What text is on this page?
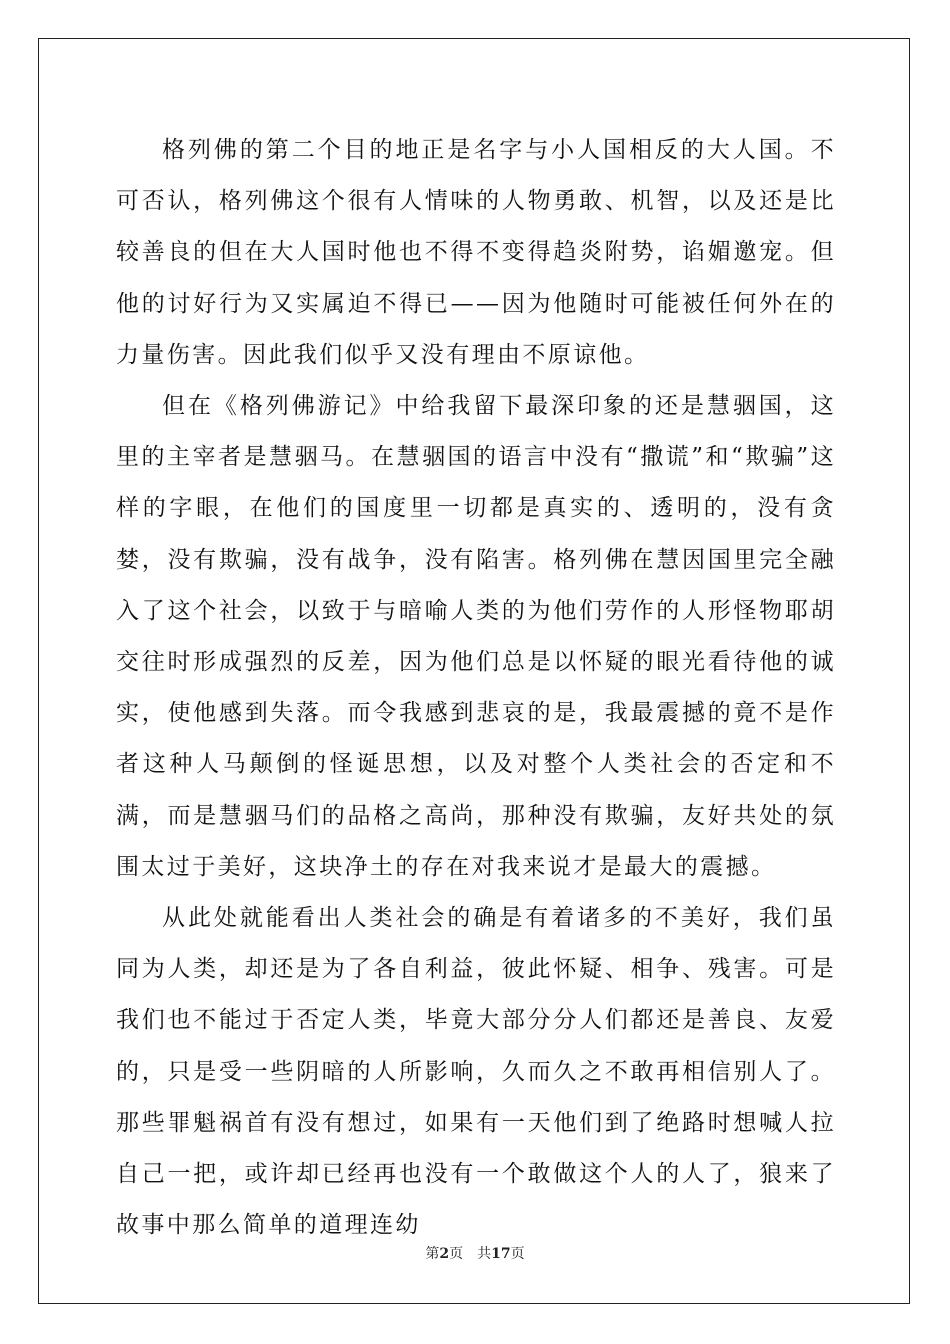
格列佛的第二个目的地正是名字与小人国相反的大人国。不可否认，格列佛这个很有人情味的人物勇敢、机智，以及还是比较善良的但在大人国时他也不得不变得趋炎附势，谄媚邀宠。但他的讨好行为又实属迫不得已——因为他随时可能被任何外在的力量伤害。因此我们似乎又没有理由不原谅他。

但在《格列佛游记》中给我留下最深印象的还是慧骃国，这里的主宰者是慧骃马。在慧骃国的语言中没有“撒谎”和“欺骗”这样的字眼，在他们的国度里一切都是真实的、透明的，没有贪婪，没有欺骗，没有战争，没有陷害。格列佛在慧因国里完全融入了这个社会，以致于与暗喻人类的为他们劳作的人形怪物耶胡交往时形成强烈的反差，因为他们总是以怀疑的眼光看待他的诚实，使他感到失落。而令我感到悲哀的是，我最震撼的竟不是作者这种人马颠倒的怪诞思想，以及对整个人类社会的否定和不满，而是慧骃马们的品格之高尚，那种没有欺骗，友好共处的氛围太过于美好，这块净土的存在对我来说才是最大的震撼。

从此处就能看出人类社会的确是有着诸多的不美好，我们虽同为人类，却还是为了各自利益，彼此怀疑、相争、残害。可是我们也不能过于否定人类，毕竟大部分分人们都还是善良、友爱的，只是受一些阴暗的人所影响，久而久之不敢再相信别人了。那些罪魁祸首有没有想过，如果有一天他们到了绝路时想喊人拉自己一把，或许却已经再也没有一个敢做这个人的人了，狼来了故事中那么简单的道理连幼

第2页 共17页
